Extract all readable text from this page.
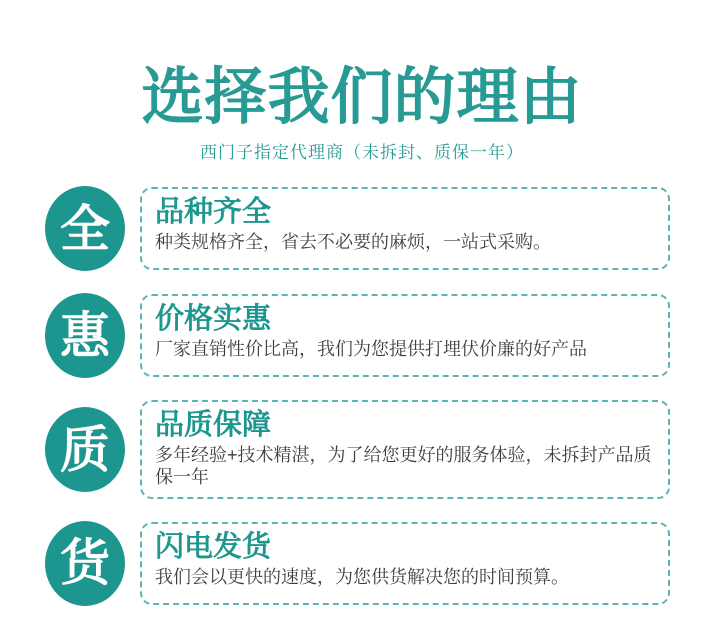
选择我们的理由
西门子指定代理商（未拆封、质保一年）
全	品种齐全
种类规格齐全，省去不必要的麻烦，一站式采购。
惠	价格实惠
厂家直销性价比高，我们为您提供打埋伏价廉的好产品
质	品质保障
多年经验+技术精湛，为了给您更好的服务体验，未拆封产品质保一年
货	闪电发货
我们会以更快的速度，为您供货解决您的时间预算。
